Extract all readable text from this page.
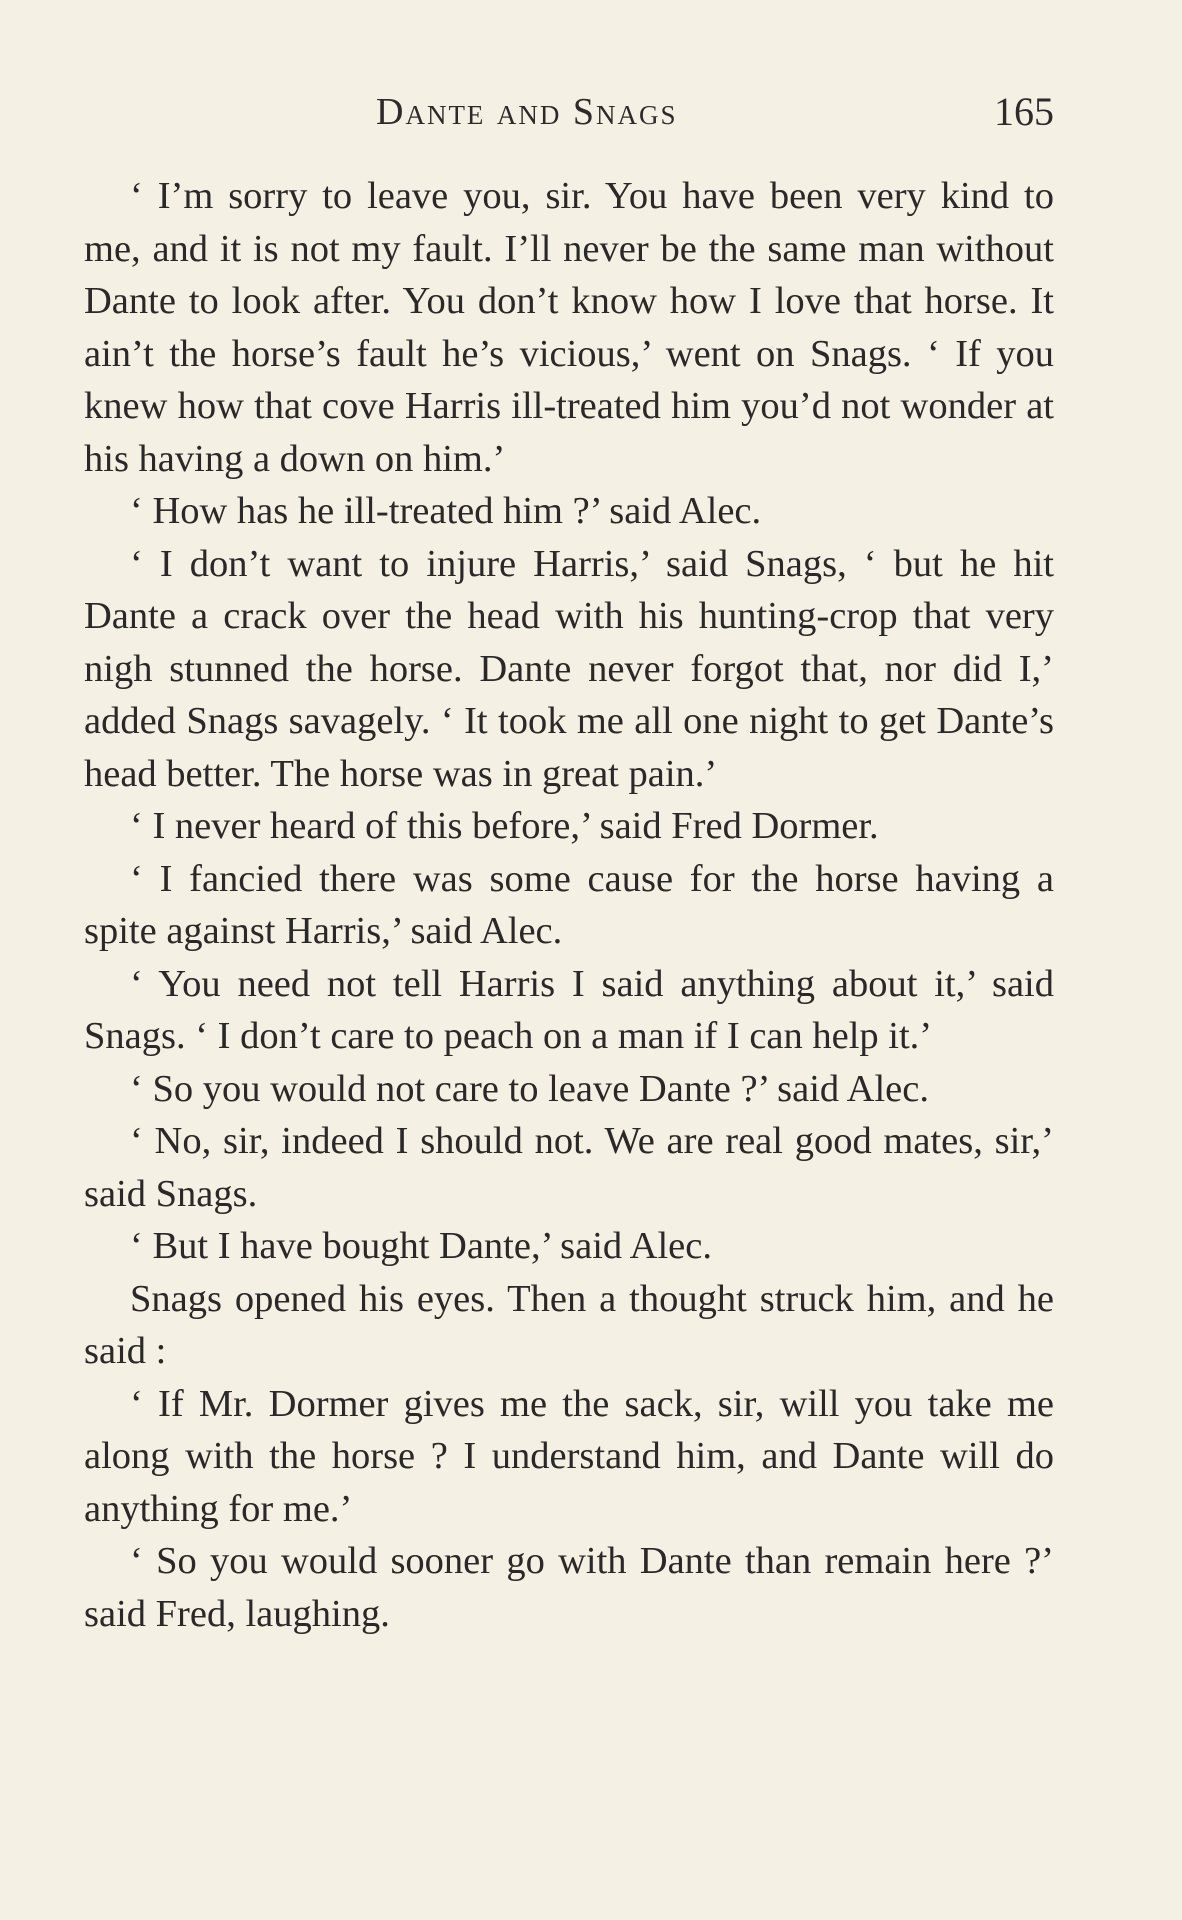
Dante and Snags	165

‘ I’m sorry to leave you, sir. You have been very kind to me, and it is not my fault. I’ll never be the same man without Dante to look after. You don’t know how I love that horse. It ain’t the horse’s fault he’s vicious,’ went on Snags. ‘ If you knew how that cove Harris ill-treated him you’d not wonder at his having a down on him.’

‘ How has he ill-treated him ?’ said Alec.

‘ I don’t want to injure Harris,’ said Snags, ‘ but he hit Dante a crack over the head with his hunting-crop that very nigh stunned the horse. Dante never forgot that, nor did I,’ added Snags savagely. ‘ It took me all one night to get Dante’s head better. The horse was in great pain.’

‘ I never heard of this before,’ said Fred Dormer.

‘ I fancied there was some cause for the horse having a spite against Harris,’ said Alec.

‘ You need not tell Harris I said anything about it,’ said Snags. ‘ I don’t care to peach on a man if I can help it.’

‘ So you would not care to leave Dante ?’ said Alec.

‘ No, sir, indeed I should not. We are real good mates, sir,’ said Snags.

‘ But I have bought Dante,’ said Alec.

Snags opened his eyes. Then a thought struck him, and he said :

‘ If Mr. Dormer gives me the sack, sir, will you take me along with the horse ? I understand him, and Dante will do anything for me.’

‘ So you would sooner go with Dante than remain here ?’ said Fred, laughing.
